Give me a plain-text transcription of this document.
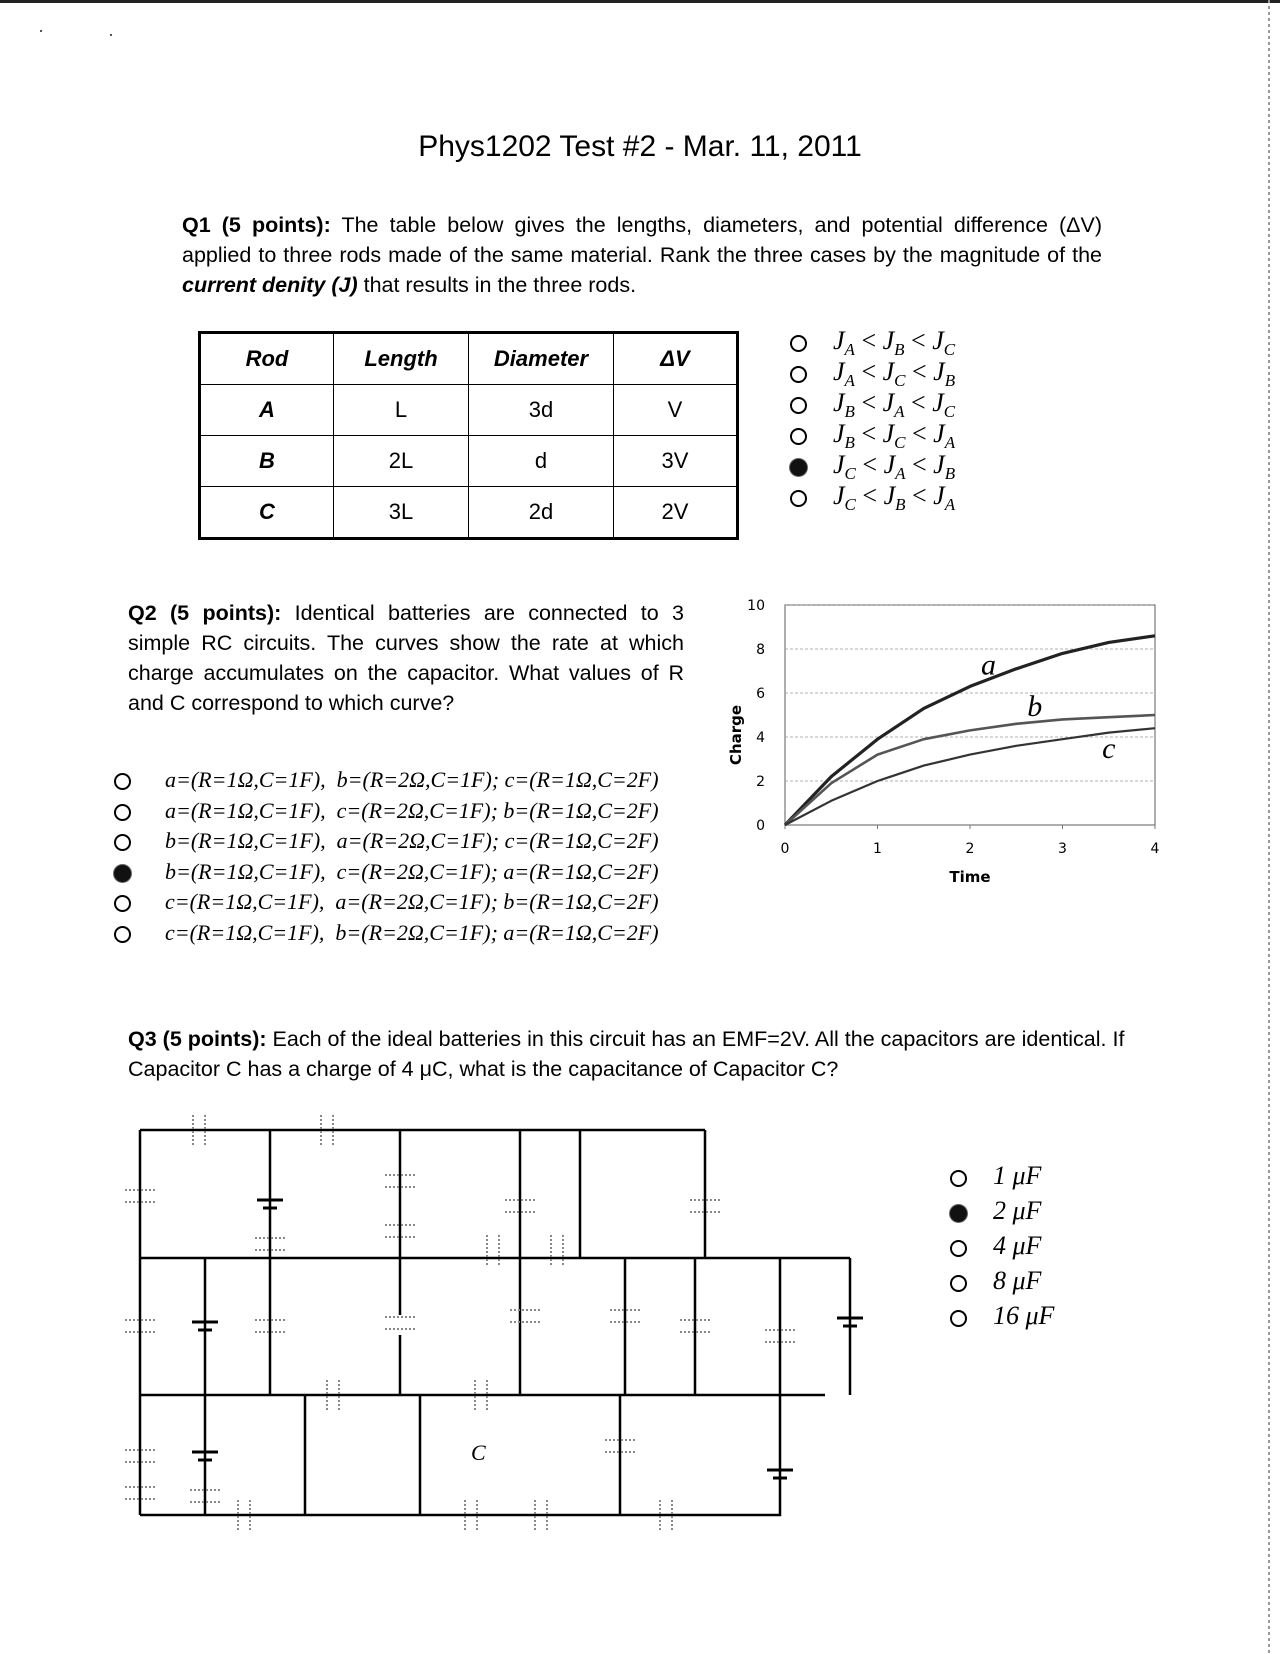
Phys1202 Test #2 - Mar. 11, 2011
Q1 (5 points): The table below gives the lengths, diameters, and potential difference (ΔV) applied to three rods made of the same material. Rank the three cases by the magnitude of the current denity (J) that results in the three rods.
Rod	Length	Diameter	ΔV
A	L	3d	V
B	2L	d	3V
C	3L	2d	2V
$J_A < J_B < J_C$
$J_A < J_C < J_B$
$J_B < J_A < J_C$
$J_B < J_C < J_A$
$J_C < J_A < J_B$
$J_C < J_B < J_A$
Q2 (5 points): Identical batteries are connected to 3 simple RC circuits. The curves show the rate at which charge accumulates on the capacitor. What values of R and C correspond to which curve?
a=(R=1Ω,C=1F),  b=(R=2Ω,C=1F); c=(R=1Ω,C=2F)
a=(R=1Ω,C=1F),  c=(R=2Ω,C=1F); b=(R=1Ω,C=2F)
b=(R=1Ω,C=1F),  a=(R=2Ω,C=1F); c=(R=1Ω,C=2F)
b=(R=1Ω,C=1F),  c=(R=2Ω,C=1F); a=(R=1Ω,C=2F)
c=(R=1Ω,C=1F),  a=(R=2Ω,C=1F); b=(R=1Ω,C=2F)
c=(R=1Ω,C=1F),  b=(R=2Ω,C=1F); a=(R=1Ω,C=2F)
0
2
4
6
8
10
0	1	2	3	4
Time
Charge
a
b
c
Q3 (5 points): Each of the ideal batteries in this circuit has an EMF=2V. All the capacitors are identical. If Capacitor C has a charge of 4 μC, what is the capacitance of Capacitor C?
C
1 μF
2 μF
4 μF
8 μF
16 μF
